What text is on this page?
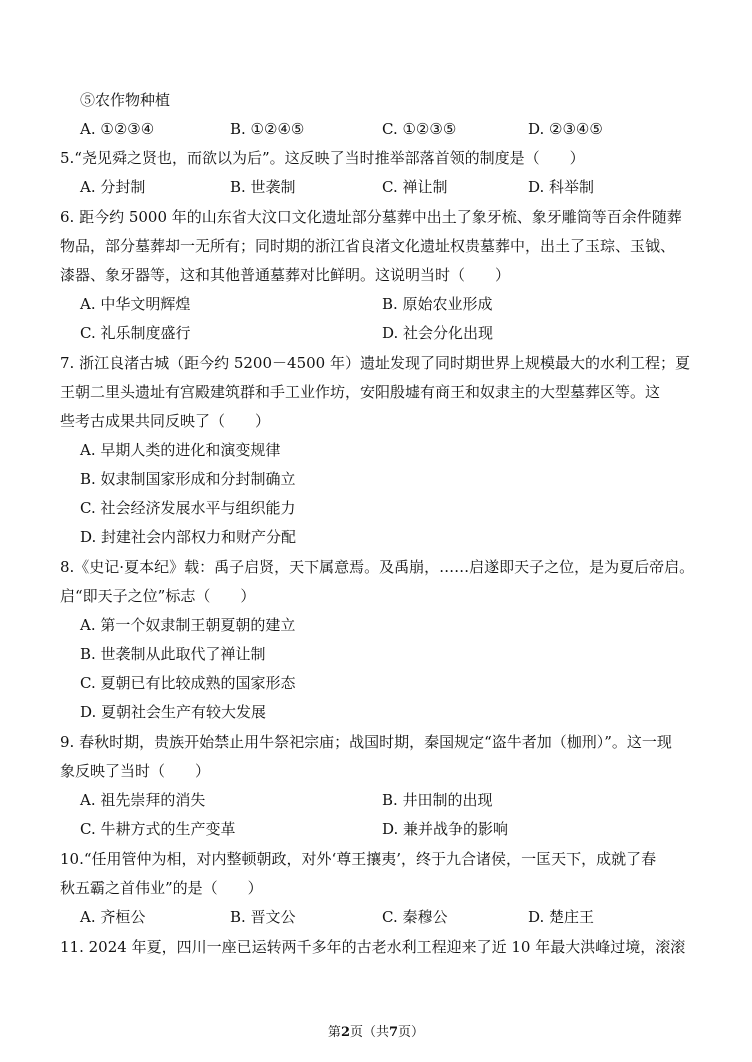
⑤农作物种植
A. ①②③④	B. ①②④⑤	C. ①②③⑤	D. ②③④⑤
5.“尧见舜之贤也，而欲以为后”。这反映了当时推举部落首领的制度是（　　）
A. 分封制	B. 世袭制	C. 禅让制	D. 科举制
6. 距今约 5000 年的山东省大汶口文化遗址部分墓葬中出土了象牙梳、象牙雕筒等百余件随葬
物品，部分墓葬却一无所有；同时期的浙江省良渚文化遗址权贵墓葬中，出土了玉琮、玉钺、
漆器、象牙器等，这和其他普通墓葬对比鲜明。这说明当时（　　）
A. 中华文明辉煌	B. 原始农业形成
C. 礼乐制度盛行	D. 社会分化出现
7. 浙江良渚古城（距今约 5200－4500 年）遗址发现了同时期世界上规模最大的水利工程；夏
王朝二里头遗址有宫殿建筑群和手工业作坊，安阳殷墟有商王和奴隶主的大型墓葬区等。这
些考古成果共同反映了（　　）
A. 早期人类的进化和演变规律
B. 奴隶制国家形成和分封制确立
C. 社会经济发展水平与组织能力
D. 封建社会内部权力和财产分配
8.《史记·夏本纪》载：禹子启贤，天下属意焉。及禹崩，……启遂即天子之位，是为夏后帝启。
启“即天子之位”标志（　　）
A. 第一个奴隶制王朝夏朝的建立
B. 世袭制从此取代了禅让制
C. 夏朝已有比较成熟的国家形态
D. 夏朝社会生产有较大发展
9. 春秋时期，贵族开始禁止用牛祭祀宗庙；战国时期，秦国规定“盗牛者加（枷刑）”。这一现
象反映了当时（　　）
A. 祖先崇拜的消失	B. 井田制的出现
C. 牛耕方式的生产变革	D. 兼并战争的影响
10.“任用管仲为相，对内整顿朝政，对外‘尊王攘夷’，终于九合诸侯，一匡天下，成就了春
秋五霸之首伟业”的是（　　）
A. 齐桓公	B. 晋文公	C. 秦穆公	D. 楚庄王
11. 2024 年夏，四川一座已运转两千多年的古老水利工程迎来了近 10 年最大洪峰过境，滚滚
第2页（共7页）
